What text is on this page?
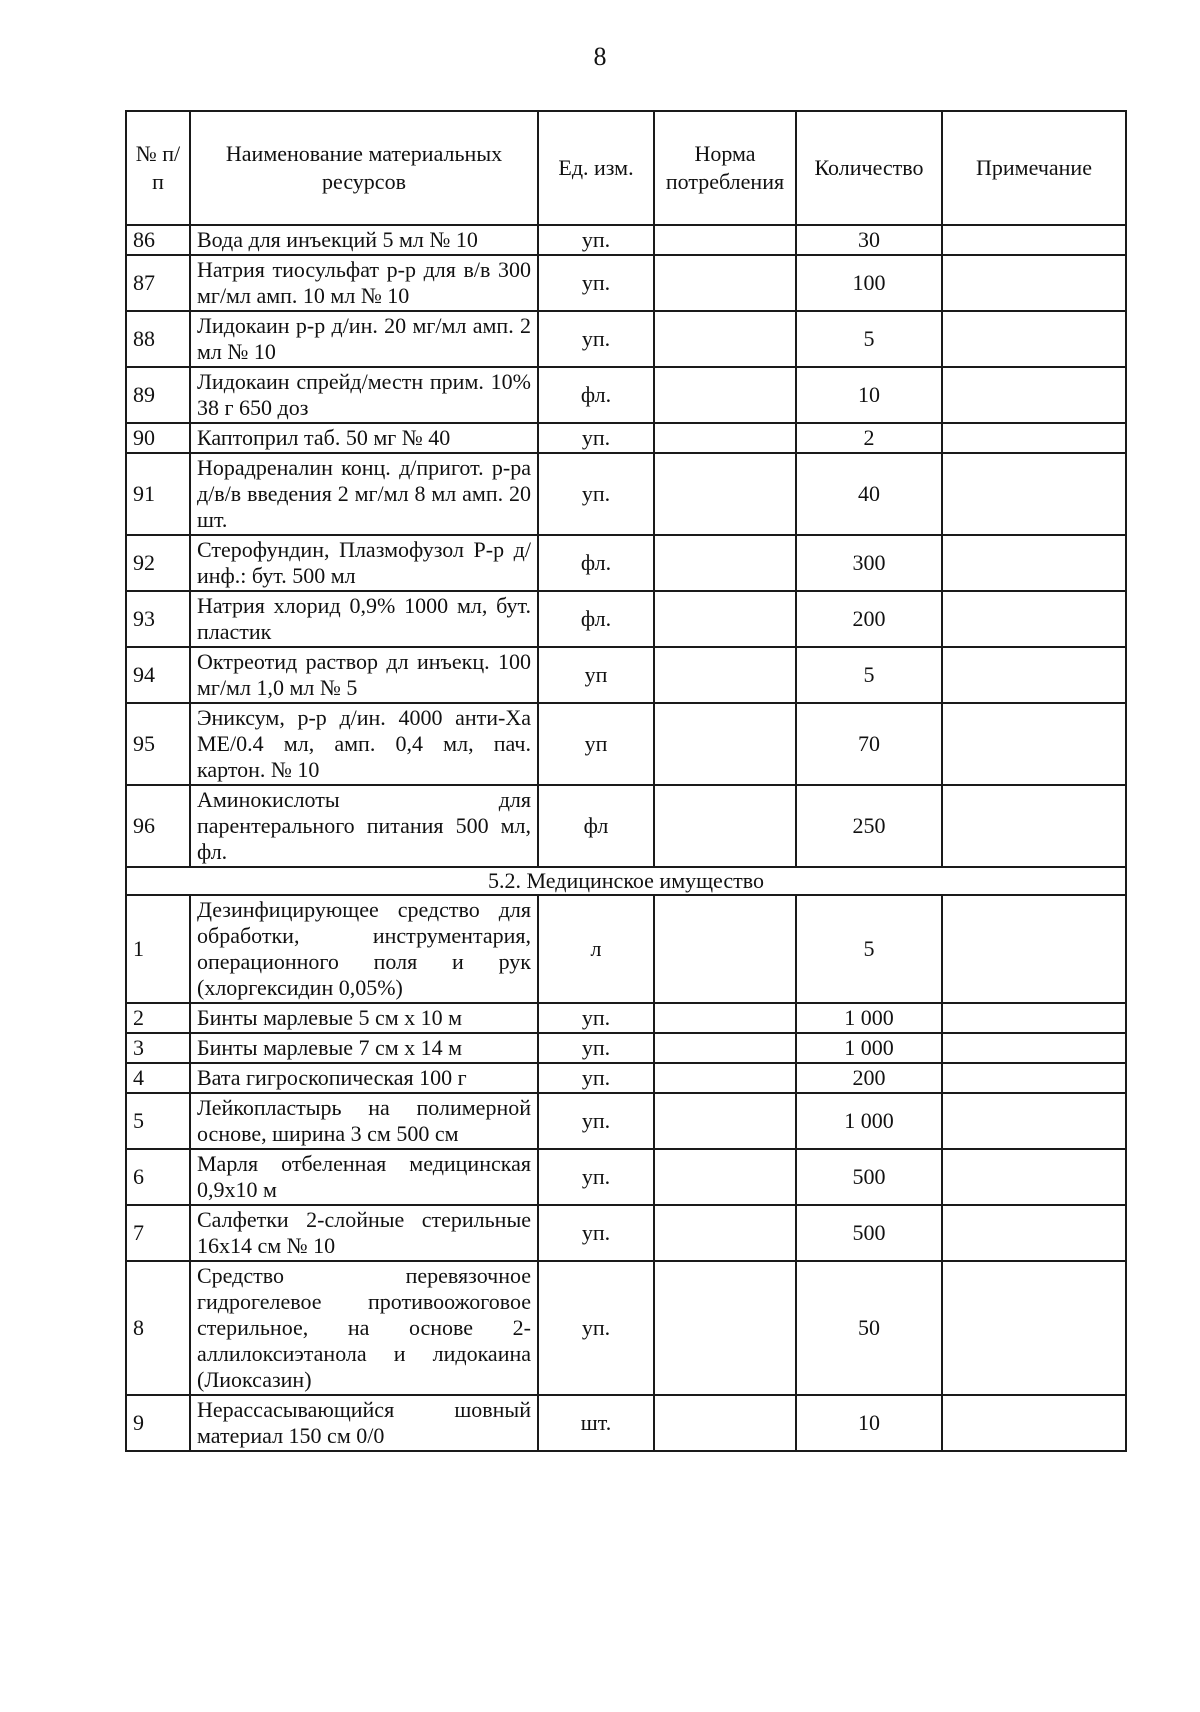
8
№ п/п	Наименование материальных ресурсов	Ед. изм.	Норма потребления	Количество	Примечание
86	Вода для инъекций 5 мл № 10	уп.		30	
87	Натрия тиосульфат р-р для в/в 300 мг/мл амп. 10 мл № 10	уп.		100	
88	Лидокаин р-р д/ин. 20 мг/мл амп. 2 мл № 10	уп.		5	
89	Лидокаин спрейд/местн прим. 10% 38 г 650 доз	фл.		10	
90	Каптоприл таб. 50 мг № 40	уп.		2	
91	Норадреналин конц. д/пригот. р-ра д/в/в введения 2 мг/мл 8 мл амп. 20 шт.	уп.		40	
92	Стерофундин, Плазмофузол Р-р д/инф.: бут. 500 мл	фл.		300	
93	Натрия хлорид 0,9% 1000 мл, бут. пластик	фл.		200	
94	Октреотид раствор дл инъекц. 100 мг/мл 1,0 мл № 5	уп		5	
95	Эниксум, р-р д/ин. 4000 анти-Ха МЕ/0.4 мл, амп. 0,4 мл, пач. картон. № 10	уп		70	
96	Аминокислоты для парентерального питания 500 мл, фл.	фл		250	
5.2. Медицинское имущество					
1	Дезинфицирующее средство для обработки, инструментария, операционного поля и рук (хлоргексидин 0,05%)	л		5	
2	Бинты марлевые 5 см х 10 м	уп.		1 000	
3	Бинты марлевые 7 см х 14 м	уп.		1 000	
4	Вата гигроскопическая 100 г	уп.		200	
5	Лейкопластырь на полимерной основе, ширина 3 см 500 см	уп.		1 000	
6	Марля отбеленная медицинская 0,9х10 м	уп.		500	
7	Салфетки 2-слойные стерильные 16х14 см № 10	уп.		500	
8	Средство перевязочное гидрогелевое противоожоговое стерильное, на основе 2-аллилоксиэтанола и лидокаина (Лиоксазин)	уп.		50	
9	Нерассасывающийся шовный материал 150 см 0/0	шт.		10	
